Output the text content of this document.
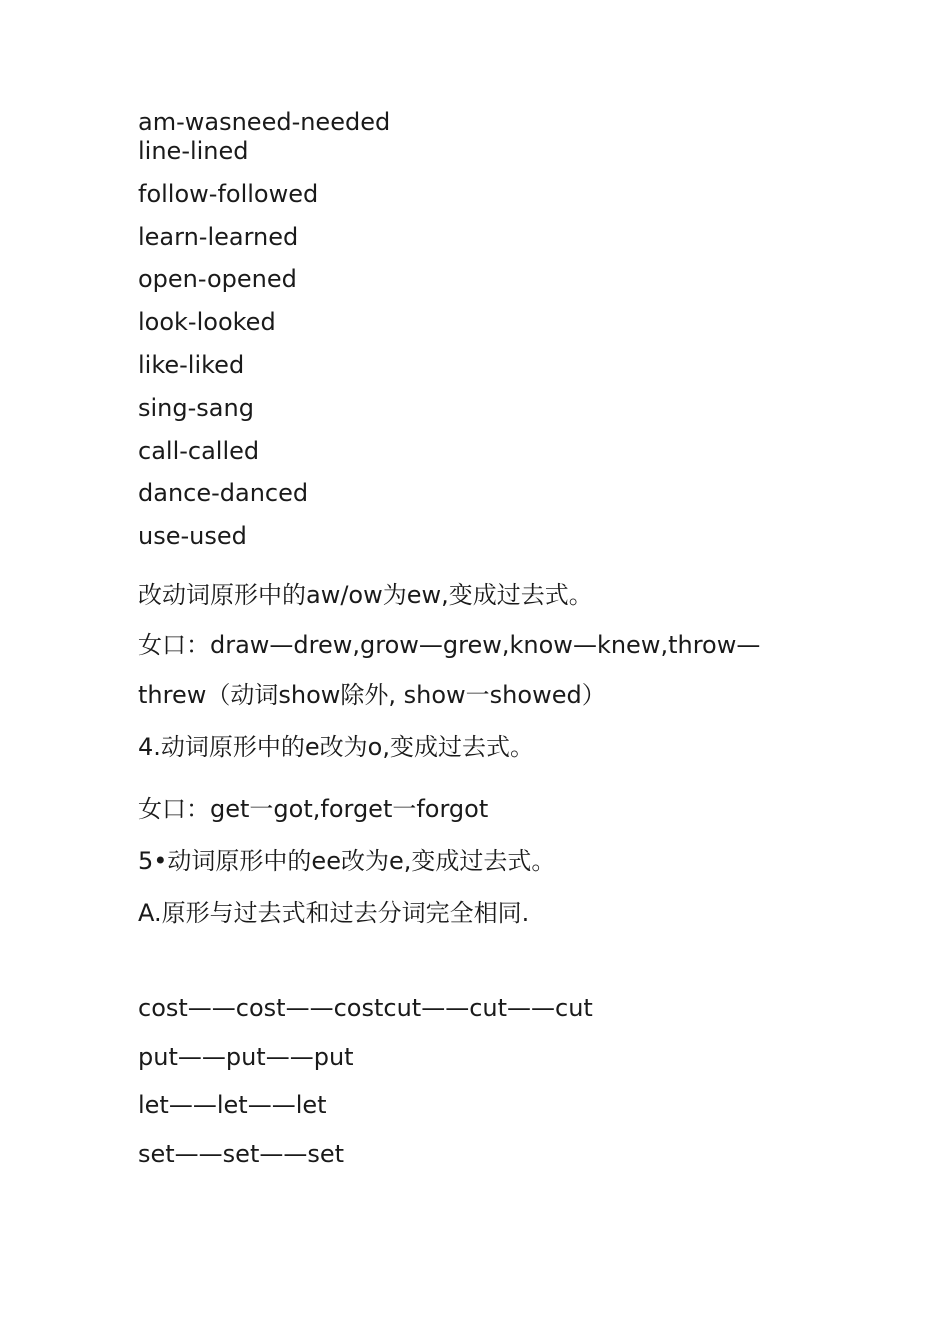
am-wasneed-needed
line-lined
follow-followed
learn-learned
open-opened
look-looked
like-liked
sing-sang
call-called
dance-danced
use-used
改动词原形中的aw/ow为ew,变成过去式。
女口：draw—drew,grow—grew,know—knew,throw—
threw（动词show除外, show一showed）
4.动词原形中的e改为o,变成过去式。
女口：get一got,forget一forgot
5•动词原形中的ee改为e,变成过去式。
A.原形与过去式和过去分词完全相同.
cost——cost——costcut——cut——cut
put——put——put
let——let——let
set——set——set
